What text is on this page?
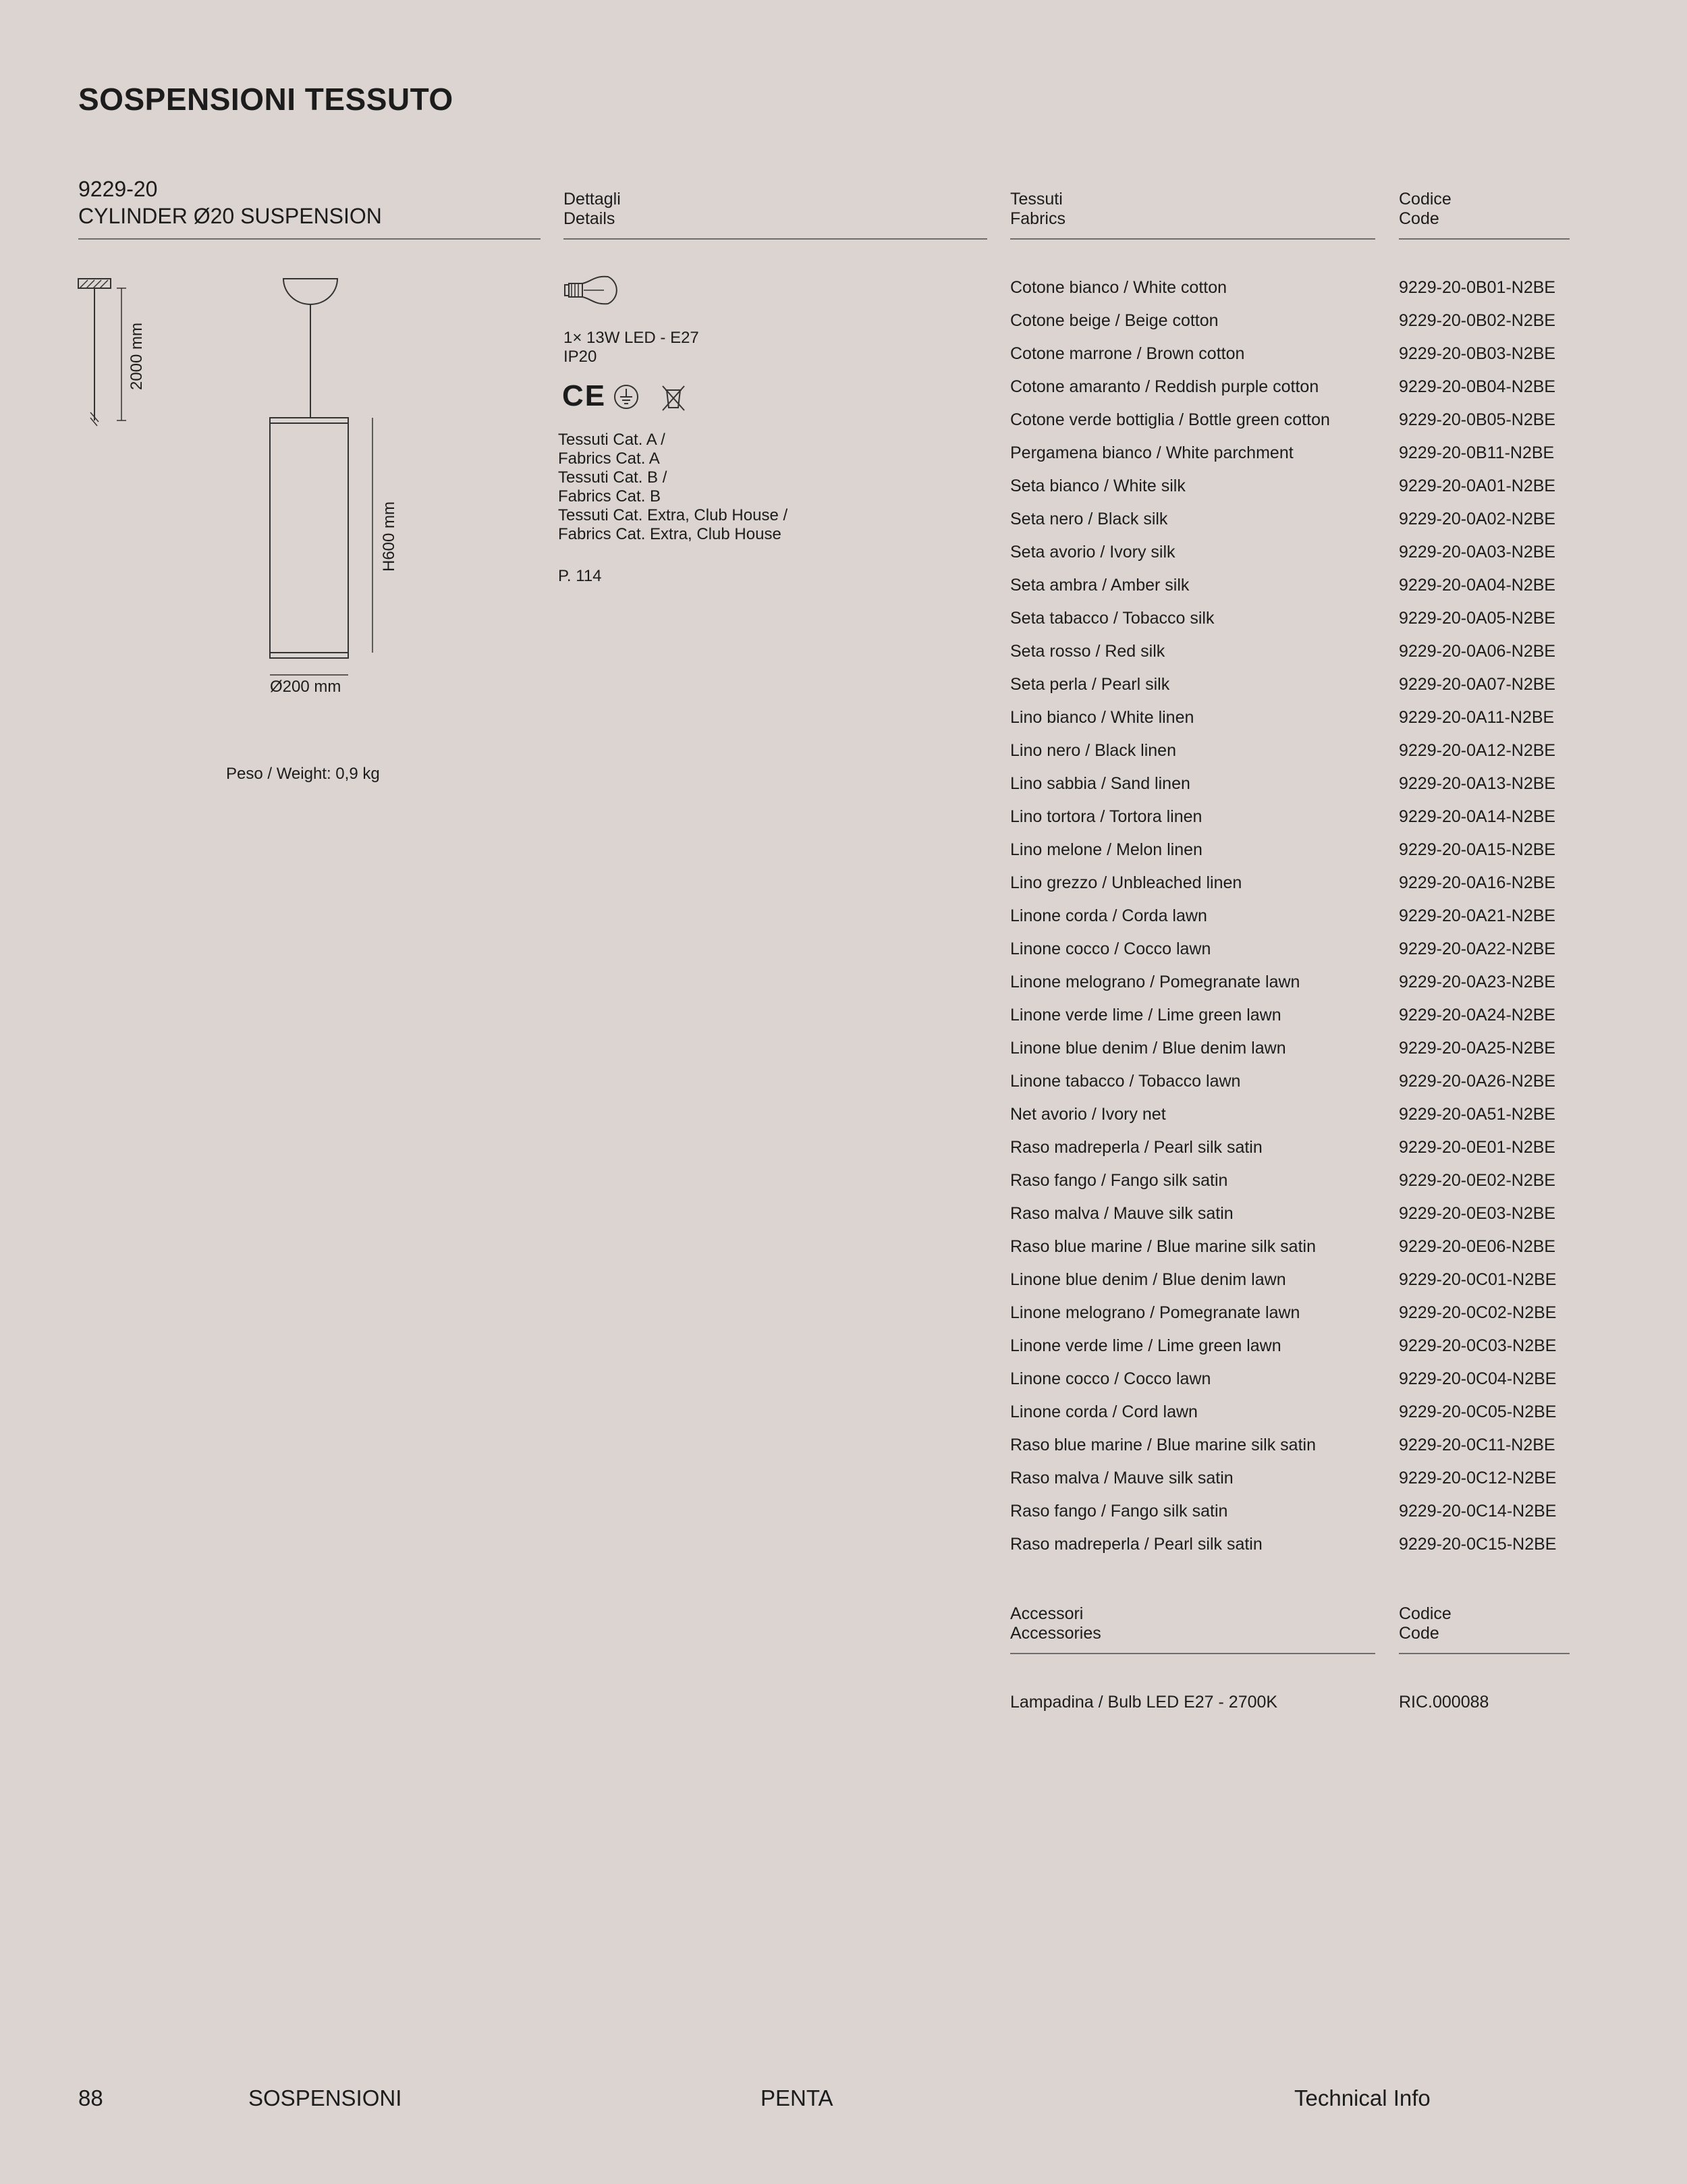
SOSPENSIONI TESSUTO
9229-20
CYLINDER Ø20 SUSPENSION
Dettagli
Details
Tessuti
Fabrics
Codice
Code
2000 mm
H600 mm
Ø200 mm
Peso / Weight: 0,9 kg
1× 13W LED - E27
IP20
CE
Tessuti Cat. A /
Fabrics Cat. A
Tessuti Cat. B /
Fabrics Cat. B
Tessuti Cat. Extra, Club House /
Fabrics Cat. Extra, Club House
P. 114
Cotone bianco / White cotton	9229-20-0B01-N2BE
Cotone beige / Beige cotton	9229-20-0B02-N2BE
Cotone marrone / Brown cotton	9229-20-0B03-N2BE
Cotone amaranto / Reddish purple cotton	9229-20-0B04-N2BE
Cotone verde bottiglia / Bottle green cotton	9229-20-0B05-N2BE
Pergamena bianco / White parchment	9229-20-0B11-N2BE
Seta bianco / White silk	9229-20-0A01-N2BE
Seta nero / Black silk	9229-20-0A02-N2BE
Seta avorio / Ivory silk	9229-20-0A03-N2BE
Seta ambra / Amber silk	9229-20-0A04-N2BE
Seta tabacco / Tobacco silk	9229-20-0A05-N2BE
Seta rosso / Red silk	9229-20-0A06-N2BE
Seta perla / Pearl silk	9229-20-0A07-N2BE
Lino bianco / White linen	9229-20-0A11-N2BE
Lino nero / Black linen	9229-20-0A12-N2BE
Lino sabbia / Sand linen	9229-20-0A13-N2BE
Lino tortora / Tortora linen	9229-20-0A14-N2BE
Lino melone / Melon linen	9229-20-0A15-N2BE
Lino grezzo / Unbleached linen	9229-20-0A16-N2BE
Linone corda / Corda lawn	9229-20-0A21-N2BE
Linone cocco / Cocco lawn	9229-20-0A22-N2BE
Linone melograno / Pomegranate lawn	9229-20-0A23-N2BE
Linone verde lime / Lime green lawn	9229-20-0A24-N2BE
Linone blue denim / Blue denim lawn	9229-20-0A25-N2BE
Linone tabacco / Tobacco lawn	9229-20-0A26-N2BE
Net avorio / Ivory net	9229-20-0A51-N2BE
Raso madreperla / Pearl silk satin	9229-20-0E01-N2BE
Raso fango / Fango silk satin	9229-20-0E02-N2BE
Raso malva / Mauve silk satin	9229-20-0E03-N2BE
Raso blue marine / Blue marine silk satin	9229-20-0E06-N2BE
Linone blue denim / Blue denim lawn	9229-20-0C01-N2BE
Linone melograno / Pomegranate lawn	9229-20-0C02-N2BE
Linone verde lime / Lime green lawn	9229-20-0C03-N2BE
Linone cocco / Cocco lawn	9229-20-0C04-N2BE
Linone corda / Cord lawn	9229-20-0C05-N2BE
Raso blue marine / Blue marine silk satin	9229-20-0C11-N2BE
Raso malva / Mauve silk satin	9229-20-0C12-N2BE
Raso fango / Fango silk satin	9229-20-0C14-N2BE
Raso madreperla / Pearl silk satin	9229-20-0C15-N2BE
Accessori
Accessories
Codice
Code
Lampadina / Bulb LED E27 - 2700K	RIC.000088
88	SOSPENSIONI	PENTA	Technical Info
